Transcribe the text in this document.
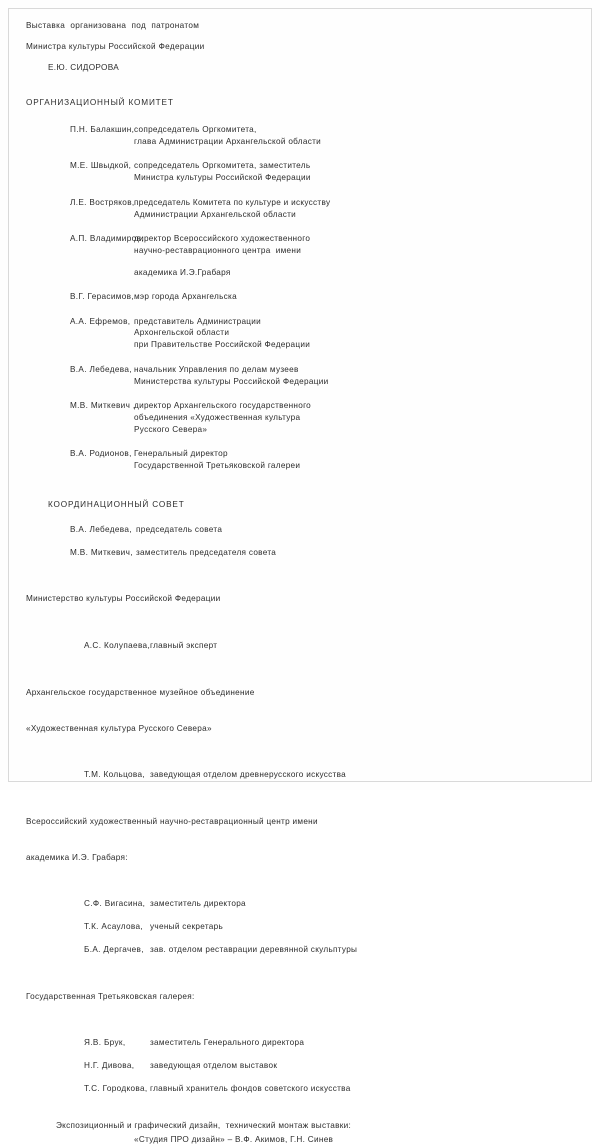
Выставка  организована  под  патронатом
Министра культуры Российской Федерации
Е.Ю. СИДОРОВА
ОРГАНИЗАЦИОННЫЙ КОМИТЕТ
П.Н. Балакшин, сопредседатель Оргкомитета,
глава Администрации Архангельской области
М.Е. Швыдкой, сопредседатель Оргкомитета, заместитель
Министра культуры Российской Федерации
Л.Е. Востряков, председатель Комитета по культуре и искусству
Администрации Архангельской области
А.П. Владимиров,
директор Всероссийского художественного
научно-реставрационного центра  имени
академика И.Э.Грабаря
В.Г. Герасимов, мэр города Архангельска
А.А. Ефремов, представитель Администрации
Архонгельской области
при Правительстве Российской Федерации
В.А. Лебедева, начальник Управления по делам музеев
Министерства культуры Российской Федерации
М.В. Миткевич ,
директор Архангельского государственного
объединения «Художественная культура
Русского Севера»
В.А. Родионов, Генеральный директор
Государственной Третьяковской галереи
КООРДИНАЦИОННЫЙ СОВЕТ
В.А. Лебедева, председатель совета
М.В. Миткевич, заместитель председателя совета

Министерство культуры Российской Федерации

А.С. Колупаева, главный эксперт

Архангельское государственное музейное объединение

«Художественная культура Русского Севера»

Т.М. Кольцова, заведующая отделом древнерусского искусства

Всероссийский художественный научно-реставрационный центр имени

академика И.Э. Грабаря:

С.Ф. Вигасина, заместитель директора
Т.К. Асаулова, ученый секретарь
Б.А. Дергачев, зав. отделом реставрации деревянной скульптуры

Государственная Третьяковская галерея:

Я.В. Брук,	заместитель Генерального директора
Н.Г. Дивова,	заведующая отделом выставок
Т.С. Городкова, главный хранитель фондов советского искусства
Экспозиционный и графический дизайн,  технический монтаж выставки:
«Студия ПРО дизайн» – В.Ф. Акимов, Г.Н. Синев
